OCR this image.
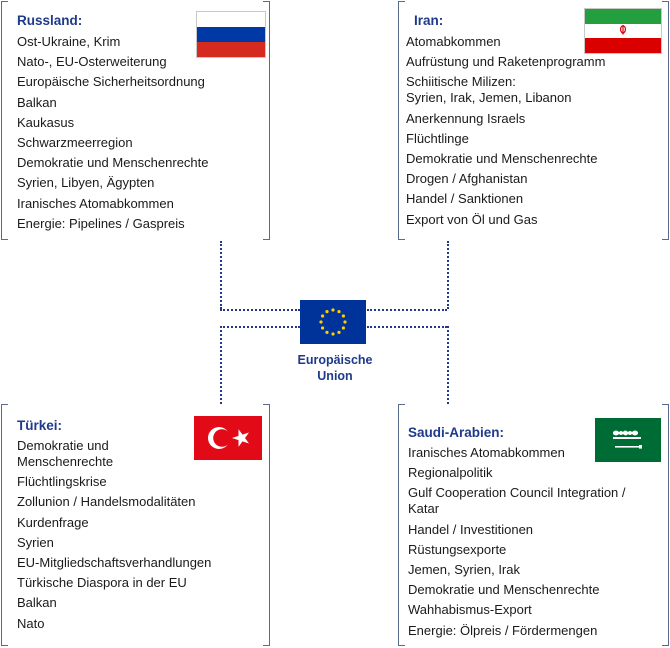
Europäische
Union
Russland:
Ost-Ukraine, Krim
Nato-, EU-Osterweiterung
Europäische Sicherheitsordnung
Balkan
Kaukasus
Schwarzmeerregion
Demokratie und Menschenrechte
Syrien, Libyen, Ägypten
Iranisches Atomabkommen
Energie: Pipelines / Gaspreis
Iran:
Atomabkommen
Aufrüstung und Raketenprogramm
Schiitische Milizen:
Syrien, Irak, Jemen, Libanon
Anerkennung Israels
Flüchtlinge
Demokratie und Menschenrechte
Drogen / Afghanistan
Handel / Sanktionen
Export von Öl und Gas
Türkei:
Demokratie und
Menschenrechte
Flüchtlingskrise
Zollunion / Handelsmodalitäten
Kurdenfrage
Syrien
EU-Mitgliedschaftsverhandlungen
Türkische Diaspora in der EU
Balkan
Nato
Saudi-Arabien:
Iranisches Atomabkommen
Regionalpolitik
Gulf Cooperation Council Integration /
Katar
Handel / Investitionen
Rüstungsexporte
Jemen, Syrien, Irak
Demokratie und Menschenrechte
Wahhabismus-Export
Energie: Ölpreis / Fördermengen
